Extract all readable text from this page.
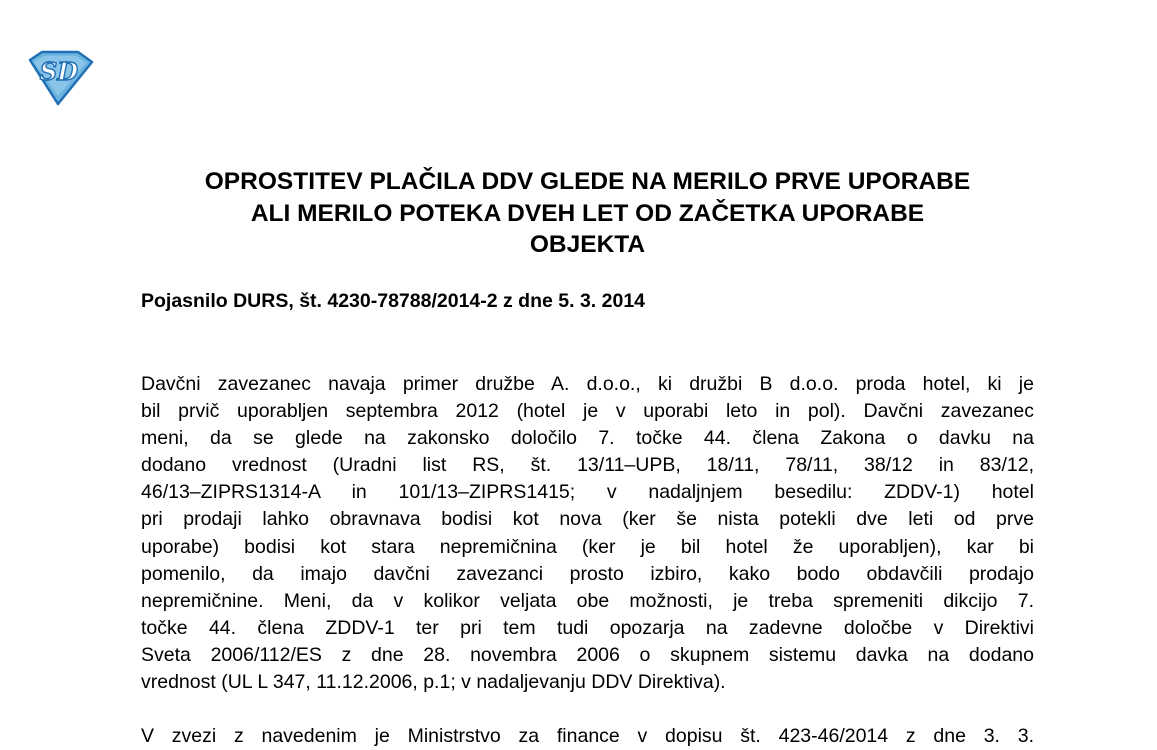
SD
OPROSTITEV PLAČILA DDV GLEDE NA MERILO PRVE UPORABE
ALI MERILO POTEKA DVEH LET OD ZAČETKA UPORABE
OBJEKTA

Pojasnilo DURS, št. 4230-78788/2014-2 z dne 5. 3. 2014

Davčni zavezanec navaja primer družbe A. d.o.o., ki družbi B d.o.o. proda hotel, ki je
bil prvič uporabljen septembra 2012 (hotel je v uporabi leto in pol). Davčni zavezanec
meni, da se glede na zakonsko določilo 7. točke 44. člena Zakona o davku na
dodano vrednost (Uradni list RS, št. 13/11–UPB, 18/11, 78/11, 38/12 in 83/12,
46/13–ZIPRS1314-A in 101/13–ZIPRS1415; v nadaljnjem besedilu: ZDDV-1) hotel
pri prodaji lahko obravnava bodisi kot nova (ker še nista potekli dve leti od prve
uporabe) bodisi kot stara nepremičnina (ker je bil hotel že uporabljen), kar bi
pomenilo, da imajo davčni zavezanci prosto izbiro, kako bodo obdavčili prodajo
nepremičnine. Meni, da v kolikor veljata obe možnosti, je treba spremeniti dikcijo 7.
točke 44. člena ZDDV-1 ter pri tem tudi opozarja na zadevne določbe v Direktivi
Sveta 2006/112/ES z dne 28. novembra 2006 o skupnem sistemu davka na dodano
vrednost (UL L 347, 11.12.2006, p.1; v nadaljevanju DDV Direktiva).

V zvezi z navedenim je Ministrstvo za finance v dopisu št. 423-46/2014 z dne 3. 3.
